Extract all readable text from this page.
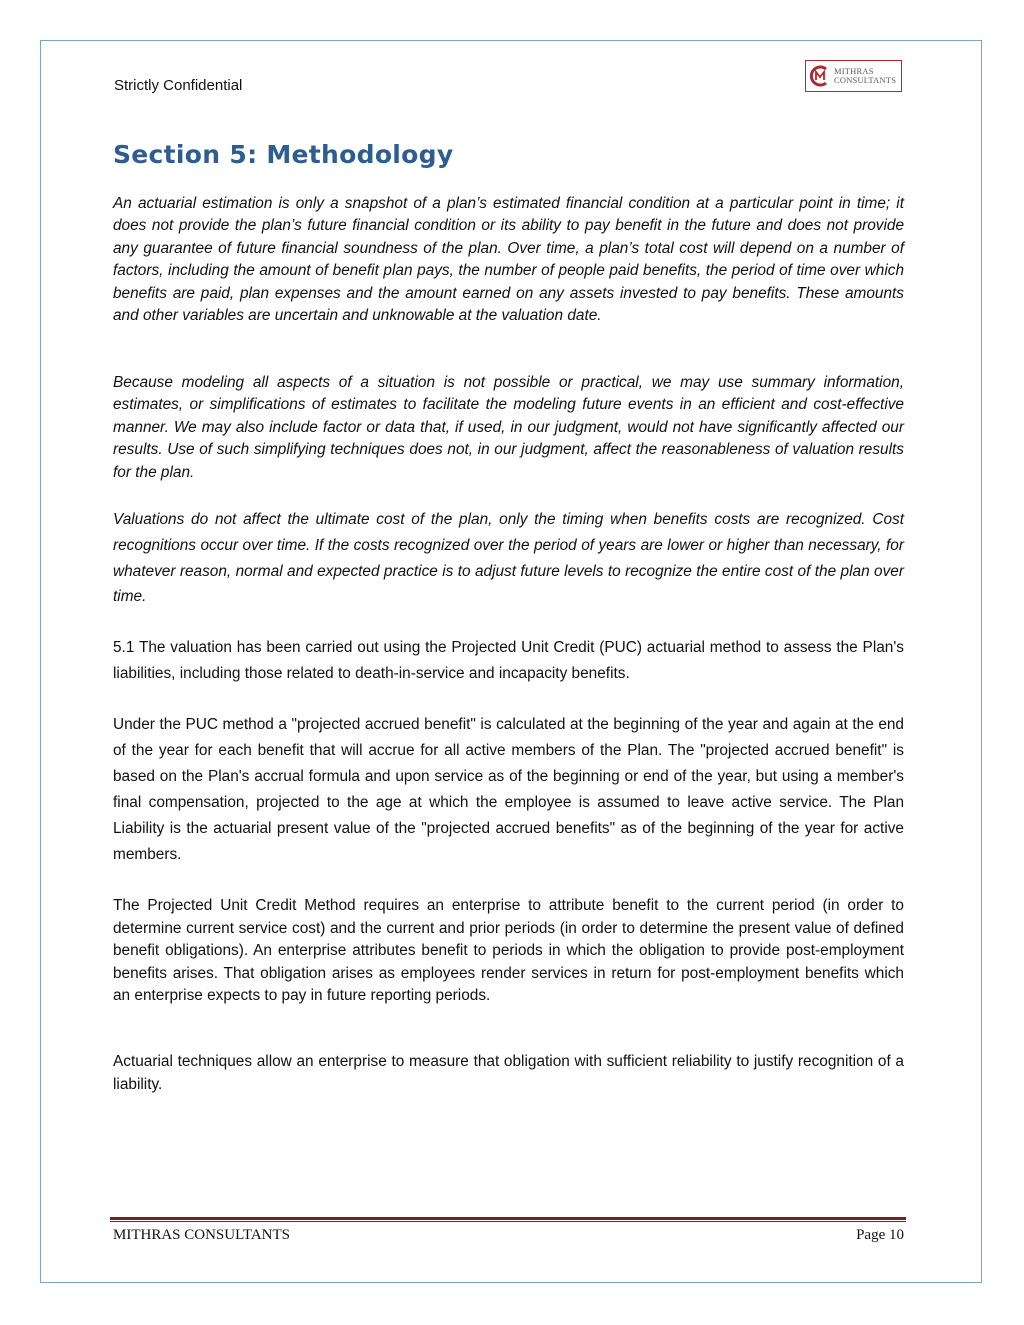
Strictly Confidential
MITHRAS
CONSULTANTS
Section 5: Methodology

An actuarial estimation is only a snapshot of a plan’s estimated financial condition at a particular point in time; it does not provide the plan’s future financial condition or its ability to pay benefit in the future and does not provide any guarantee of future financial soundness of the plan. Over time, a plan’s total cost will depend on a number of factors, including the amount of benefit plan pays, the number of people paid benefits, the period of time over which benefits are paid, plan expenses and the amount earned on any assets invested to pay benefits. These amounts and other variables are uncertain and unknowable at the valuation date.

Because modeling all aspects of a situation is not possible or practical, we may use summary information, estimates, or simplifications of estimates to facilitate the modeling future events in an efficient and cost-effective manner. We may also include factor or data that, if used, in our judgment, would not have significantly affected our results. Use of such simplifying techniques does not, in our judgment, affect the reasonableness of valuation results for the plan.

Valuations do not affect the ultimate cost of the plan, only the timing when benefits costs are recognized. Cost recognitions occur over time. If the costs recognized over the period of years are lower or higher than necessary, for whatever reason, normal and expected practice is to adjust future levels to recognize the entire cost of the plan over time.

5.1 The valuation has been carried out using the Projected Unit Credit (PUC) actuarial method to assess the Plan's liabilities, including those related to death-in-service and incapacity benefits.

Under the PUC method a "projected accrued benefit" is calculated at the beginning of the year and again at the end of the year for each benefit that will accrue for all active members of the Plan. The "projected accrued benefit" is based on the Plan's accrual formula and upon service as of the beginning or end of the year, but using a member's final compensation, projected to the age at which the employee is assumed to leave active service. The Plan Liability is the actuarial present value of the "projected accrued benefits" as of the beginning of the year for active members.

The Projected Unit Credit Method requires an enterprise to attribute benefit to the current period (in order to determine current service cost) and the current and prior periods (in order to determine the present value of defined benefit obligations). An enterprise attributes benefit to periods in which the obligation to provide post-employment benefits arises. That obligation arises as employees render services in return for post-employment benefits which an enterprise expects to pay in future reporting periods.

Actuarial techniques allow an enterprise to measure that obligation with sufficient reliability to justify recognition of a liability.

MITHRAS CONSULTANTS	Page 10
